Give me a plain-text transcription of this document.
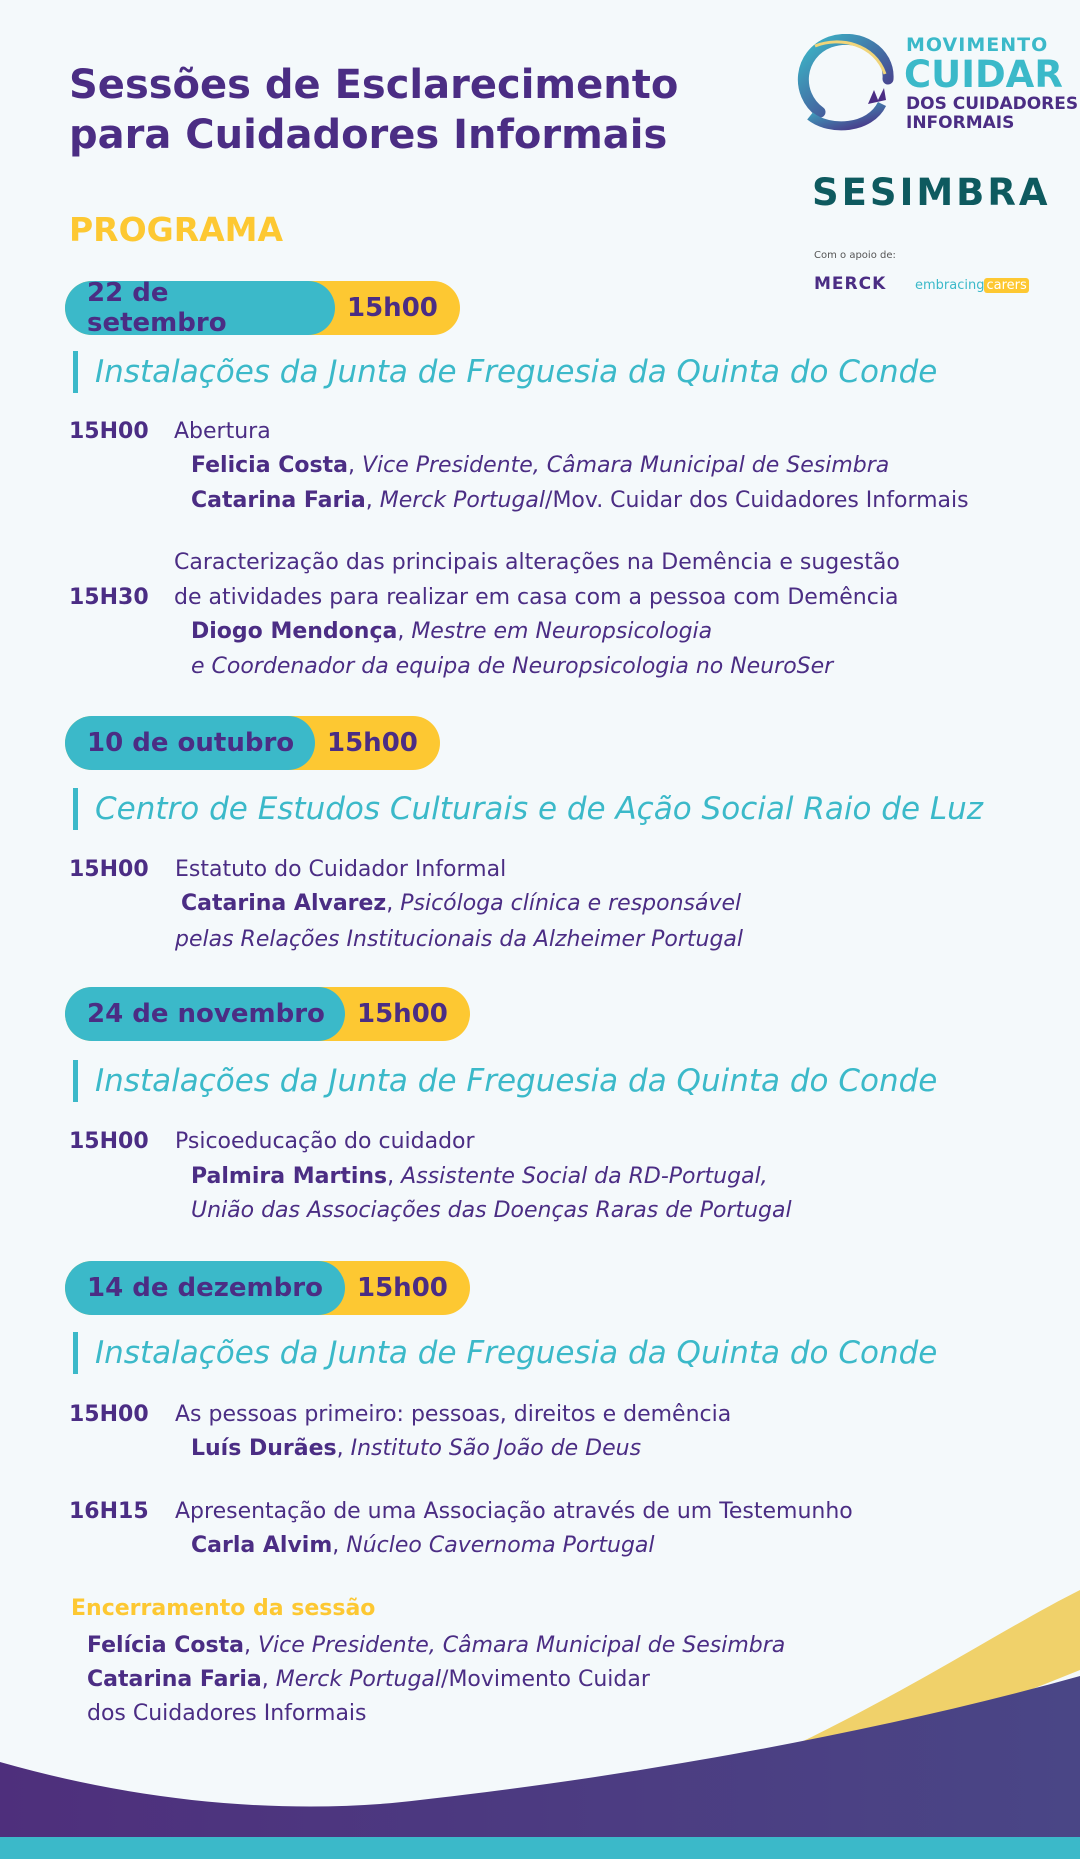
Sessões de Esclarecimento
para Cuidadores Informais
PROGRAMA
MOVIMENTO
CUIDAR
DOS CUIDADORES
INFORMAIS
SESIMBRA
Com o apoio de:
MERCK embracing carers
22 de setembro	15h00
Instalações da Junta de Freguesia da Quinta do Conde
15H00 Abertura
Felicia Costa, Vice Presidente, Câmara Municipal de Sesimbra
Catarina Faria, Merck Portugal/Mov. Cuidar dos Cuidadores Informais
Caracterização das principais alterações na Demência e sugestão
15H30 de atividades para realizar em casa com a pessoa com Demência
Diogo Mendonça, Mestre em Neuropsicologia
e Coordenador da equipa de Neuropsicologia no NeuroSer
10 de outubro	15h00
Centro de Estudos Culturais e de Ação Social Raio de Luz
15H00 Estatuto do Cuidador Informal
Catarina Alvarez, Psicóloga clínica e responsável
pelas Relações Institucionais da Alzheimer Portugal
24 de novembro	15h00
Instalações da Junta de Freguesia da Quinta do Conde
15H00 Psicoeducação do cuidador
Palmira Martins, Assistente Social da RD-Portugal,
União das Associações das Doenças Raras de Portugal
14 de dezembro	15h00
Instalações da Junta de Freguesia da Quinta do Conde
15H00 As pessoas primeiro: pessoas, direitos e demência
Luís Durães, Instituto São João de Deus
16H15 Apresentação de uma Associação através de um Testemunho
Carla Alvim, Núcleo Cavernoma Portugal
Encerramento da sessão
Felícia Costa, Vice Presidente, Câmara Municipal de Sesimbra
Catarina Faria, Merck Portugal/Movimento Cuidar
dos Cuidadores Informais
